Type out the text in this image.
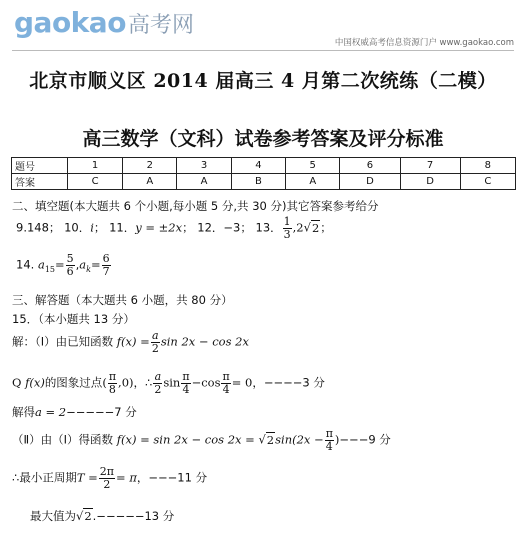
gaokao高考网
中国权威高考信息资源门户 www.gaokao.com
北京市顺义区 2014 届高三 4 月第二次统练（二模）
高三数学（文科）试卷参考答案及评分标准
题号	1	2	3	4	5	6	7	8
答案	C	A	A	B	A	D	D	C
二、填空题(本大题共 6 个小题,每小题 5 分,共 30 分)其它答案参考给分
9.148； 10．i； 11．y = ±2x； 12．−3； 13． $\frac{1}{3} ,2√2$；
14. $a_{15}= \frac{5}{6} ,a_k= \frac{6}{7}$
三、解答题（本大题共 6 小题，共 80 分）
15．（本小题共 13 分）
解：（Ⅰ）由已知函数 $f(x) = \frac{a}{2}$ sin 2x − cos 2x
Q f(x)的图象过点( $\frac{\pi}{8} ,0$)，∴ $\frac{a}{2}$ $\sin \frac{\pi}{4} -\cos \frac{\pi}{4} = 0$，−−−−3 分
解得a = 2−−−−−7 分
（Ⅱ）由（Ⅰ）得函数 $f(x) = \sin 2x - \cos 2x = √2\sin(2x - \frac{\pi}{4} )---9$ 分
∴最小正周期$T = \frac{2\pi}{2} = \pi$，−−−11 分
最大值为√2.−−−−−13 分
